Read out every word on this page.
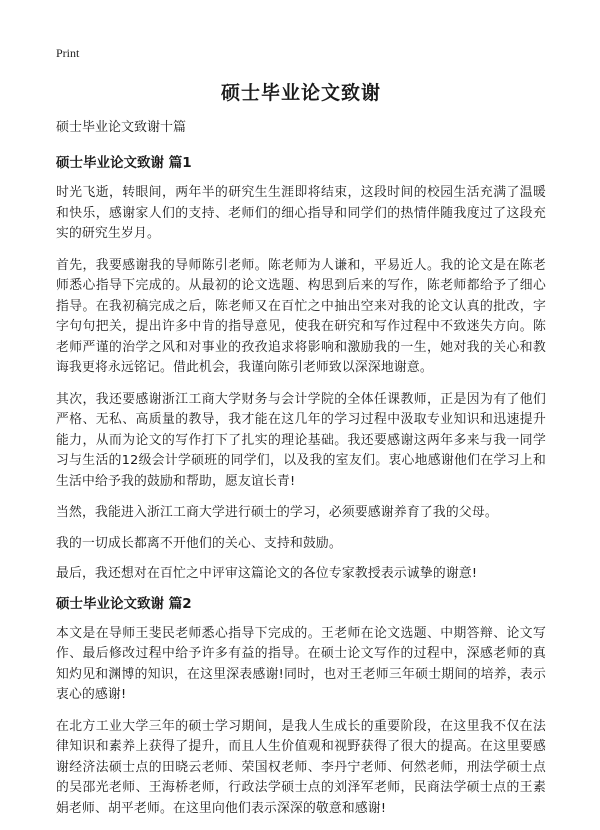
Print
硕士毕业论文致谢
硕士毕业论文致谢十篇
硕士毕业论文致谢 篇1

时光飞逝，转眼间，两年半的研究生生涯即将结束，这段时间的校园生活充满了温暖和快乐，感谢家人们的支持、老师们的细心指导和同学们的热情伴随我度过了这段充实的研究生岁月。

首先，我要感谢我的导师陈引老师。陈老师为人谦和，平易近人。我的论文是在陈老师悉心指导下完成的。从最初的论文选题、构思到后来的写作，陈老师都给予了细心指导。在我初稿完成之后，陈老师又在百忙之中抽出空来对我的论文认真的批改，字字句句把关，提出许多中肯的指导意见，使我在研究和写作过程中不致迷失方向。陈老师严谨的治学之风和对事业的孜孜追求将影响和激励我的一生，她对我的关心和教诲我更将永远铭记。借此机会，我谨向陈引老师致以深深地谢意。

其次，我还要感谢浙江工商大学财务与会计学院的全体任课教师，正是因为有了他们严格、无私、高质量的教导，我才能在这几年的学习过程中汲取专业知识和迅速提升能力，从而为论文的写作打下了扎实的理论基础。我还要感谢这两年多来与我一同学习与生活的12级会计学硕班的同学们，以及我的室友们。衷心地感谢他们在学习上和生活中给予我的鼓励和帮助，愿友谊长青!

当然，我能进入浙江工商大学进行硕士的学习，必须要感谢养育了我的父母。

我的一切成长都离不开他们的关心、支持和鼓励。

最后，我还想对在百忙之中评审这篇论文的各位专家教授表示诚挚的谢意!

硕士毕业论文致谢 篇2

本文是在导师王斐民老师悉心指导下完成的。王老师在论文选题、中期答辩、论文写作、最后修改过程中给予许多有益的指导。在硕士论文写作的过程中，深感老师的真知灼见和渊博的知识，在这里深表感谢!同时，也对王老师三年硕士期间的培养，表示衷心的感谢!

在北方工业大学三年的硕士学习期间，是我人生成长的重要阶段，在这里我不仅在法律知识和素养上获得了提升，而且人生价值观和视野获得了很大的提高。在这里要感谢经济法硕士点的田晓云老师、荣国权老师、李丹宁老师、何然老师，刑法学硕士点的吴邵光老师、王海桥老师，行政法学硕士点的刘泽军老师，民商法学硕士点的王素娟老师、胡平老师。在这里向他们表示深深的敬意和感谢!
